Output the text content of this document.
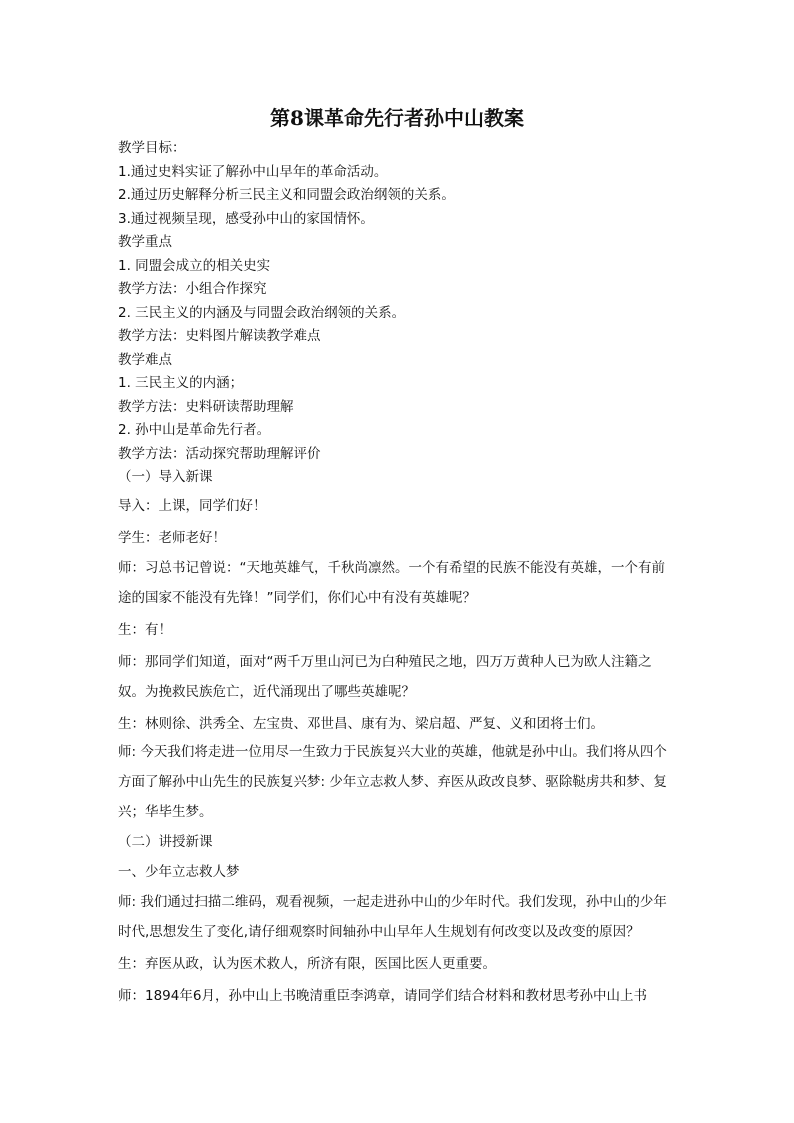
第8课革命先行者孙中山教案

教学目标：

1.通过史料实证了解孙中山早年的革命活动。

2.通过历史解释分析三民主义和同盟会政治纲领的关系。

3.通过视频呈现，感受孙中山的家国情怀。

教学重点

1. 同盟会成立的相关史实

教学方法：小组合作探究

2. 三民主义的内涵及与同盟会政治纲领的关系。

教学方法：史料图片解读教学难点

教学难点

1. 三民主义的内涵；

教学方法：史料研读帮助理解

2. 孙中山是革命先行者。

教学方法：活动探究帮助理解评价

（一）导入新课

导入：上课，同学们好！

学生：老师老好！

师：习总书记曾说：“天地英雄气，千秋尚凛然。一个有希望的民族不能没有英雄，一个有前途的国家不能没有先锋！”同学们，你们心中有没有英雄呢？

生：有！

师：那同学们知道，面对“两千万里山河已为白种殖民之地，四万万黄种人已为欧人注籍之奴。为挽救民族危亡，近代涌现出了哪些英雄呢？

生：林则徐、洪秀全、左宝贵、邓世昌、康有为、梁启超、严复、义和团将士们。

师: 今天我们将走进一位用尽一生致力于民族复兴大业的英雄，他就是孙中山。我们将从四个方面了解孙中山先生的民族复兴梦: 少年立志救人梦、弃医从政改良梦、驱除鞑虏共和梦、复兴；华毕生梦。

（二）讲授新课

一、少年立志救人梦

师: 我们通过扫描二维码，观看视频，一起走进孙中山的少年时代。我们发现，孙中山的少年时代,思想发生了变化,请仔细观察时间轴孙中山早年人生规划有何改变以及改变的原因？

生：弃医从政，认为医术救人，所济有限，医国比医人更重要。

师：1894年6月，孙中山上书晚清重臣李鸿章，请同学们结合材料和教材思考孙中山上书
